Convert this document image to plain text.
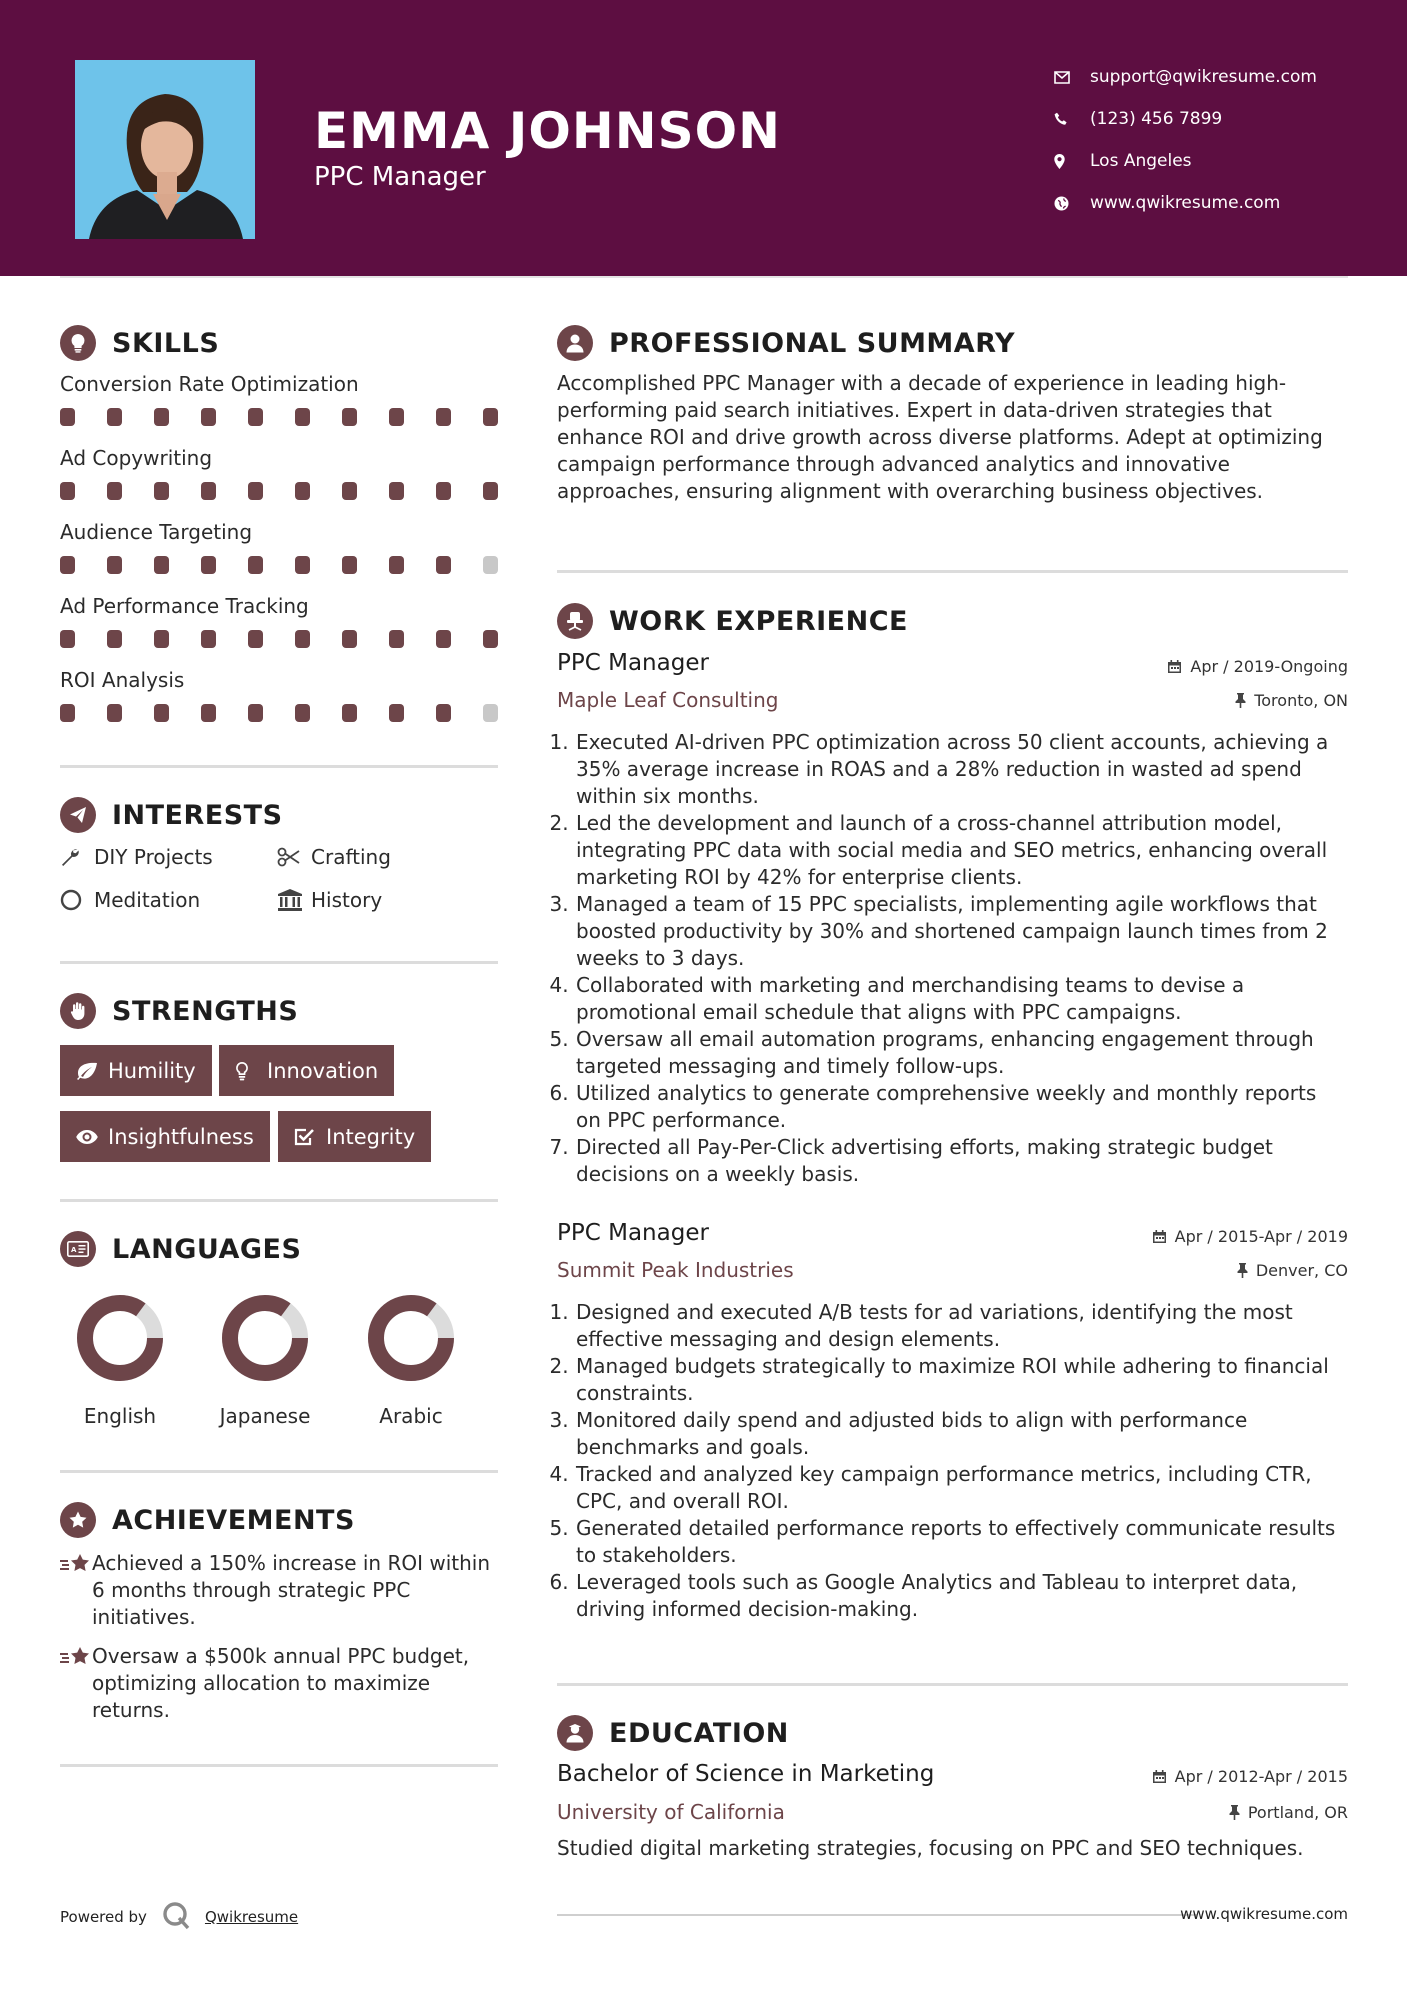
EMMA JOHNSON
PPC Manager
support@qwikresume.com
(123) 456 7899
Los Angeles
www.qwikresume.com
SKILLS
Conversion Rate Optimization
Ad Copywriting
Audience Targeting
Ad Performance Tracking
ROI Analysis
INTERESTS
DIY Projects	Crafting
Meditation	History
STRENGTHS
Humility	Innovation
Insightfulness	Integrity
A LANGUAGES
English	Japanese	Arabic
ACHIEVEMENTS
Achieved a 150% increase in ROI within 6 months through strategic PPC initiatives.
Oversaw a $500k annual PPC budget, optimizing allocation to maximize returns.
PROFESSIONAL SUMMARY
Accomplished PPC Manager with a decade of experience in leading high-performing paid search initiatives. Expert in data-driven strategies that enhance ROI and drive growth across diverse platforms. Adept at optimizing campaign performance through advanced analytics and innovative approaches, ensuring alignment with overarching business objectives.
WORK EXPERIENCE
PPC Manager	Apr / 2019-Ongoing
Maple Leaf Consulting	Toronto, ON
1. Executed AI-driven PPC optimization across 50 client accounts, achieving a 35% average increase in ROAS and a 28% reduction in wasted ad spend within six months.
2. Led the development and launch of a cross-channel attribution model, integrating PPC data with social media and SEO metrics, enhancing overall marketing ROI by 42% for enterprise clients.
3. Managed a team of 15 PPC specialists, implementing agile workflows that boosted productivity by 30% and shortened campaign launch times from 2 weeks to 3 days.
4. Collaborated with marketing and merchandising teams to devise a promotional email schedule that aligns with PPC campaigns.
5. Oversaw all email automation programs, enhancing engagement through targeted messaging and timely follow-ups.
6. Utilized analytics to generate comprehensive weekly and monthly reports on PPC performance.
7. Directed all Pay-Per-Click advertising efforts, making strategic budget decisions on a weekly basis.
PPC Manager	Apr / 2015-Apr / 2019
Summit Peak Industries	Denver, CO
1. Designed and executed A/B tests for ad variations, identifying the most effective messaging and design elements.
2. Managed budgets strategically to maximize ROI while adhering to financial constraints.
3. Monitored daily spend and adjusted bids to align with performance benchmarks and goals.
4. Tracked and analyzed key campaign performance metrics, including CTR, CPC, and overall ROI.
5. Generated detailed performance reports to effectively communicate results to stakeholders.
6. Leveraged tools such as Google Analytics and Tableau to interpret data, driving informed decision-making.
EDUCATION
Bachelor of Science in Marketing	Apr / 2012-Apr / 2015
University of California	Portland, OR
Studied digital marketing strategies, focusing on PPC and SEO techniques.
Powered by	Qwikresume	www.qwikresume.com
